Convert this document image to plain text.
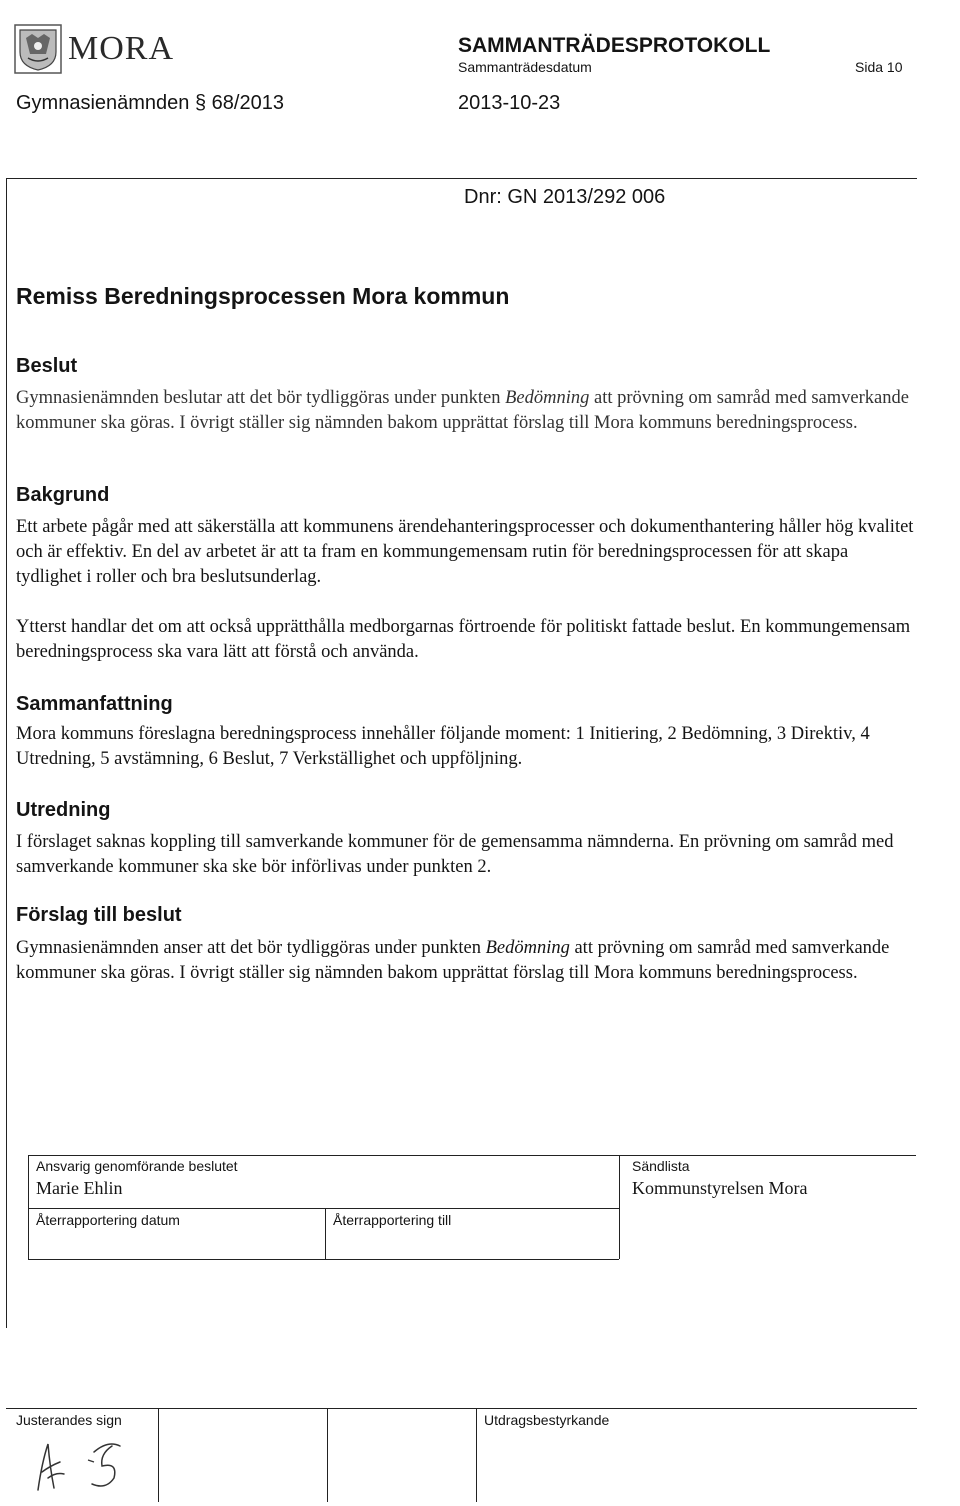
MORA	SAMMANTRÄDESPROTOKOLL
Sammanträdesdatum	Sida 10
Gymnasienämnden § 68/2013	2013-10-23
Dnr: GN 2013/292 006
Remiss Beredningsprocessen Mora kommun
Beslut
Gymnasienämnden beslutar att det bör tydliggöras under punkten Bedömning att prövning om samråd med samverkande kommuner ska göras. I övrigt ställer sig nämnden bakom upprättat förslag till Mora kommuns beredningsprocess.
Bakgrund
Ett arbete pågår med att säkerställa att kommunens ärendehanteringsprocesser och dokumenthantering håller hög kvalitet och är effektiv. En del av arbetet är att ta fram en kommungemensam rutin för beredningsprocessen för att skapa tydlighet i roller och bra beslutsunderlag.
Ytterst handlar det om att också upprätthålla medborgarnas förtroende för politiskt fattade beslut. En kommungemensam beredningsprocess ska vara lätt att förstå och använda.
Sammanfattning
Mora kommuns föreslagna beredningsprocess innehåller följande moment: 1 Initiering, 2 Bedömning, 3 Direktiv, 4 Utredning, 5 avstämning, 6 Beslut, 7 Verkställighet och uppföljning.
Utredning
I förslaget saknas koppling till samverkande kommuner för de gemensamma nämnderna. En prövning om samråd med samverkande kommuner ska ske bör införlivas under punkten 2.
Förslag till beslut
Gymnasienämnden anser att det bör tydliggöras under punkten Bedömning att prövning om samråd med samverkande kommuner ska göras. I övrigt ställer sig nämnden bakom upprättat förslag till Mora kommuns beredningsprocess.
Ansvarig genomförande beslutet
Marie Ehlin
Sändlista
Kommunstyrelsen Mora
Återrapportering datum	Återrapportering till
Justerandes sign	Utdragsbestyrkande
